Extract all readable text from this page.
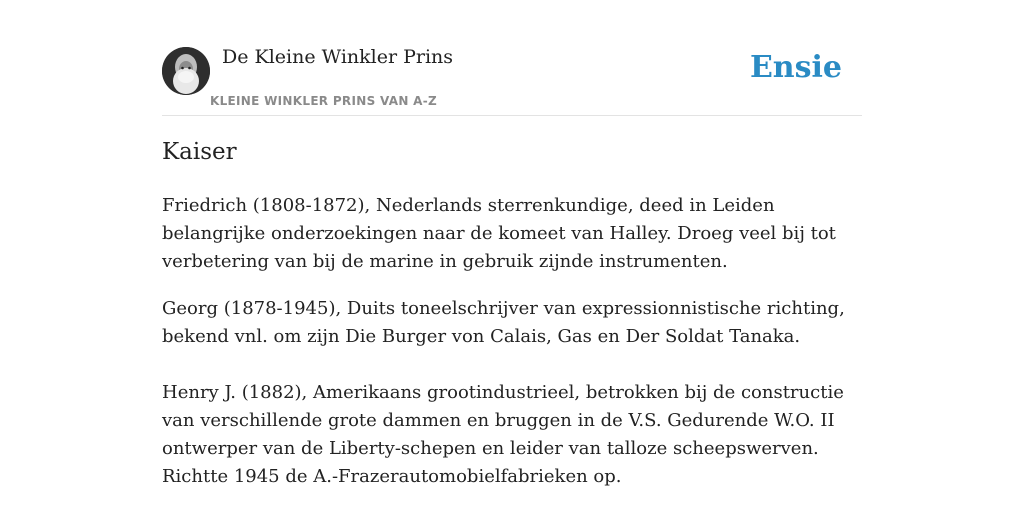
De Kleine Winkler Prins
KLEINE WINKLER PRINS VAN A-Z
Ensie
Kaiser

Friedrich (1808-1872), Nederlands sterrenkundige, deed in Leiden belangrijke onderzoekingen naar de komeet van Halley. Droeg veel bij tot verbetering van bij de marine in gebruik zijnde instrumenten.

Georg (1878-1945), Duits toneelschrijver van expressionnistische richting, bekend vnl. om zijn Die Burger von Calais, Gas en Der Soldat Tanaka.

Henry J. (1882), Amerikaans grootindustrieel, betrokken bij de constructie van verschillende grote dammen en bruggen in de V.S. Gedurende W.O. II ontwerper van de Liberty-schepen en leider van talloze scheepswerven. Richtte 1945 de A.-Frazerautomobielfabrieken op.
